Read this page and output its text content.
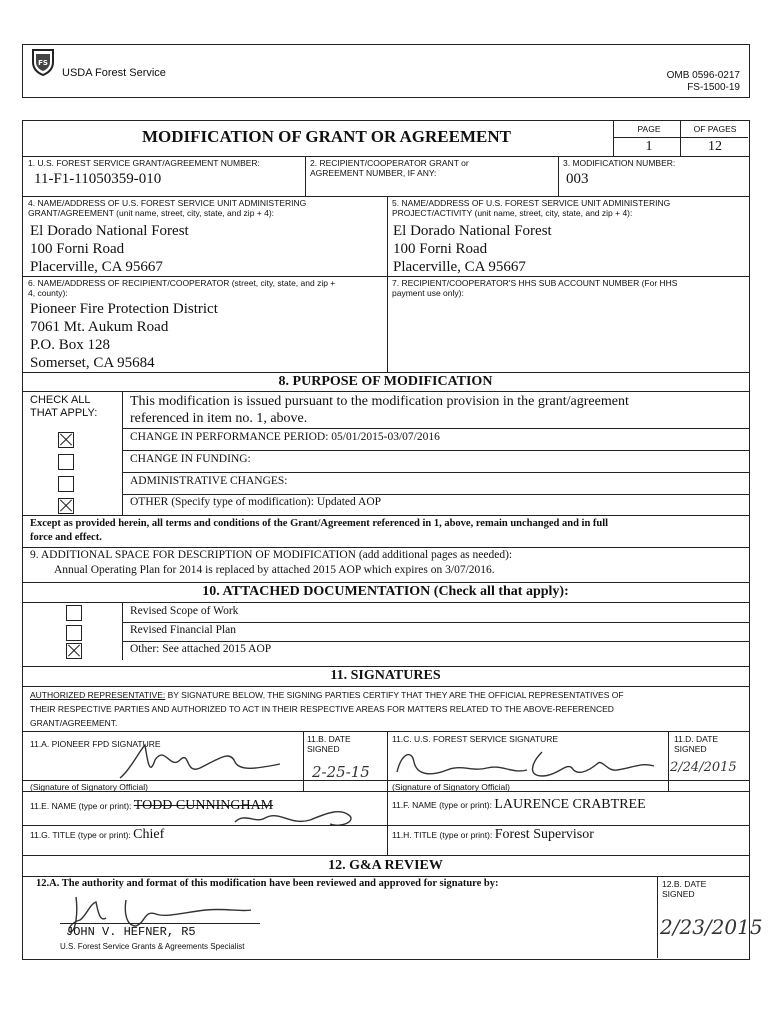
FS
USDA Forest Service	OMB 0596-0217
FS-1500-19
MODIFICATION OF GRANT OR AGREEMENT	PAGE	OF PAGES
1	12
1. U.S. FOREST SERVICE GRANT/AGREEMENT NUMBER:
11-F1-11050359-010
2. RECIPIENT/COOPERATOR GRANT or
AGREEMENT NUMBER, IF ANY:
3. MODIFICATION NUMBER:
003
4. NAME/ADDRESS OF U.S. FOREST SERVICE UNIT ADMINISTERING
GRANT/AGREEMENT (unit name, street, city, state, and zip + 4):
El Dorado National Forest
100 Forni Road
Placerville, CA 95667
5. NAME/ADDRESS OF U.S. FOREST SERVICE UNIT ADMINISTERING
PROJECT/ACTIVITY (unit name, street, city, state, and zip + 4):
El Dorado National Forest
100 Forni Road
Placerville, CA 95667
6. NAME/ADDRESS OF RECIPIENT/COOPERATOR (street, city, state, and zip +
4, county):
Pioneer Fire Protection District
7061 Mt. Aukum Road
P.O. Box 128
Somerset, CA 95684
7. RECIPIENT/COOPERATOR'S HHS SUB ACCOUNT NUMBER (For HHS
payment use only):
8. PURPOSE OF MODIFICATION
CHECK ALL
THAT APPLY:
This modification is issued pursuant to the modification provision in the grant/agreement
referenced in item no. 1, above.
CHANGE IN PERFORMANCE PERIOD: 05/01/2015-03/07/2016
CHANGE IN FUNDING:
ADMINISTRATIVE CHANGES:
OTHER (Specify type of modification): Updated AOP
Except as provided herein, all terms and conditions of the Grant/Agreement referenced in 1, above, remain unchanged and in full
force and effect.
9. ADDITIONAL SPACE FOR DESCRIPTION OF MODIFICATION (add additional pages as needed):
Annual Operating Plan for 2014 is replaced by attached 2015 AOP which expires on 3/07/2016.
10. ATTACHED DOCUMENTATION (Check all that apply):
Revised Scope of Work
Revised Financial Plan
Other: See attached 2015 AOP
11. SIGNATURES
AUTHORIZED REPRESENTATIVE: BY SIGNATURE BELOW, THE SIGNING PARTIES CERTIFY THAT THEY ARE THE OFFICIAL REPRESENTATIVES OF
THEIR RESPECTIVE PARTIES AND AUTHORIZED TO ACT IN THEIR RESPECTIVE AREAS FOR MATTERS RELATED TO THE ABOVE-REFERENCED
GRANT/AGREEMENT.
11.A. PIONEER FPD SIGNATURE	11.B. DATE
SIGNED
2-25-15
11.C. U.S. FOREST SERVICE SIGNATURE	11.D. DATE
SIGNED
2/24/2015
(Signature of Signatory Official)	(Signature of Signatory Official)
11.E. NAME (type or print): TODD CUNNINGHAM	11.F. NAME (type or print): LAURENCE CRABTREE
11.G. TITLE (type or print): Chief	11.H. TITLE (type or print): Forest Supervisor
12. G&A REVIEW
12.A. The authority and format of this modification have been reviewed and approved for signature by:	12.B. DATE
SIGNED
JOHN V. HEFNER, R5
U.S. Forest Service Grants & Agreements Specialist
2/23/2015
